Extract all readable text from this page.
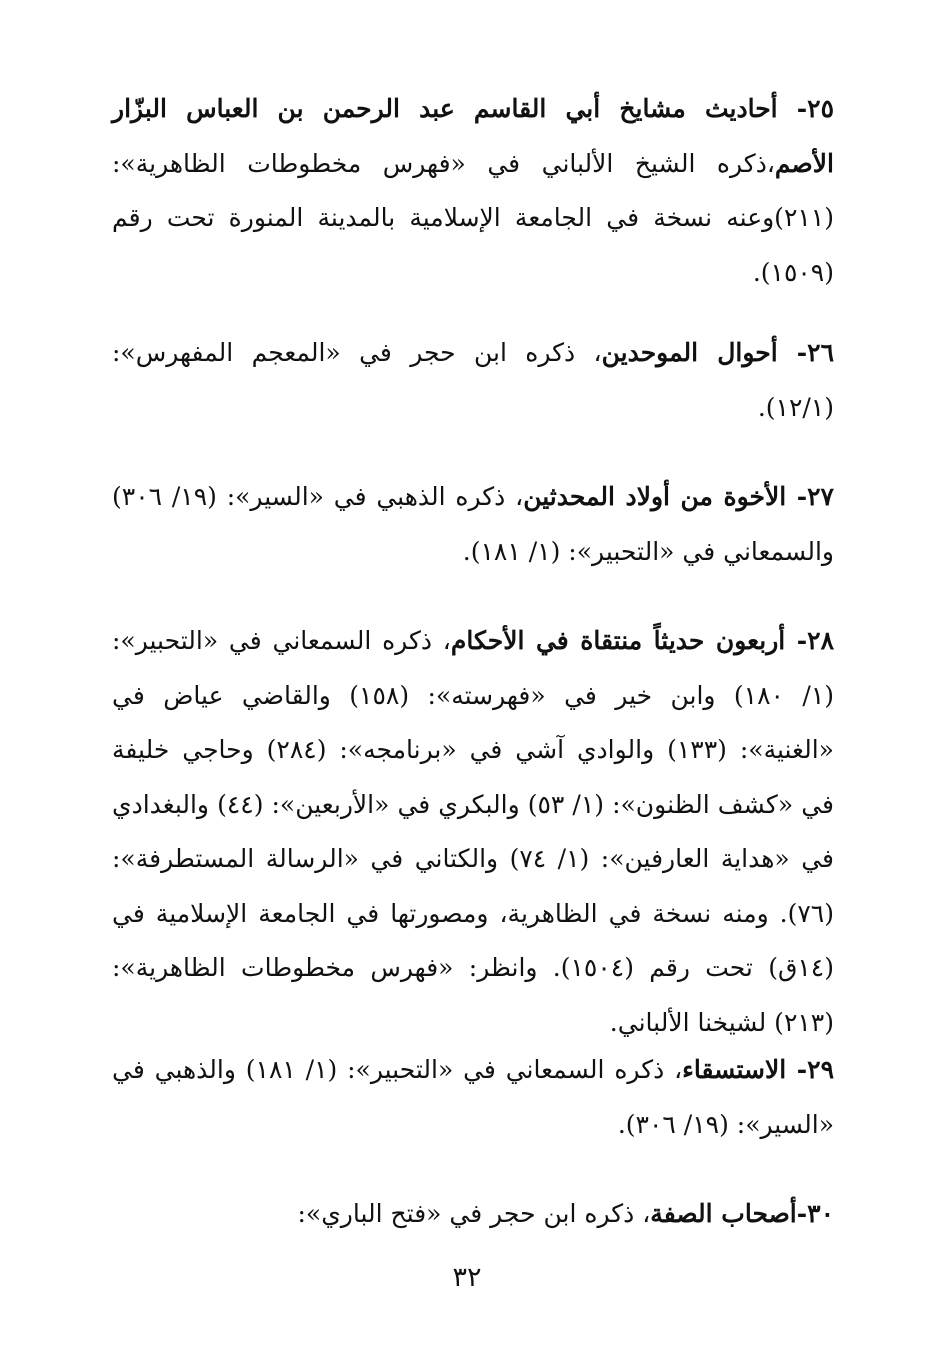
٢٥- أحاديث مشايخ أبي القاسم عبد الرحمن بن العباس البزّار الأصم،ذكره الشيخ الألباني في «فهرس مخطوطات الظاهرية»: (٢١١)وعنه نسخة في الجامعة الإسلامية بالمدينة المنورة تحت رقم (١٥٠٩).
٢٦- أحوال الموحدين، ذكره ابن حجر في «المعجم المفهرس»: (١٢/١).
٢٧- الأخوة من أولاد المحدثين، ذكره الذهبي في «السير»: (١٩/ ٣٠٦) والسمعاني في «التحبير»: (١/ ١٨١).
٢٨- أربعون حديثاً منتقاة في الأحكام، ذكره السمعاني في «التحبير»: (١/ ١٨٠) وابن خير في «فهرسته»: (١٥٨) والقاضي عياض في «الغنية»: (١٣٣) والوادي آشي في «برنامجه»: (٢٨٤) وحاجي خليفة في «كشف الظنون»: (١/ ٥٣) والبكري في «الأربعين»: (٤٤) والبغدادي في «هداية العارفين»: (١/ ٧٤) والكتاني في «الرسالة المستطرفة»: (٧٦). ومنه نسخة في الظاهرية، ومصورتها في الجامعة الإسلامية في (١٤ق) تحت رقم (١٥٠٤). وانظر: «فهرس مخطوطات الظاهرية»: (٢١٣) لشيخنا الألباني.
٢٩- الاستسقاء، ذكره السمعاني في «التحبير»: (١/ ١٨١) والذهبي في «السير»: (١٩/ ٣٠٦).
٣٠-أصحاب الصفة، ذكره ابن حجر في «فتح الباري»:
٣٢
